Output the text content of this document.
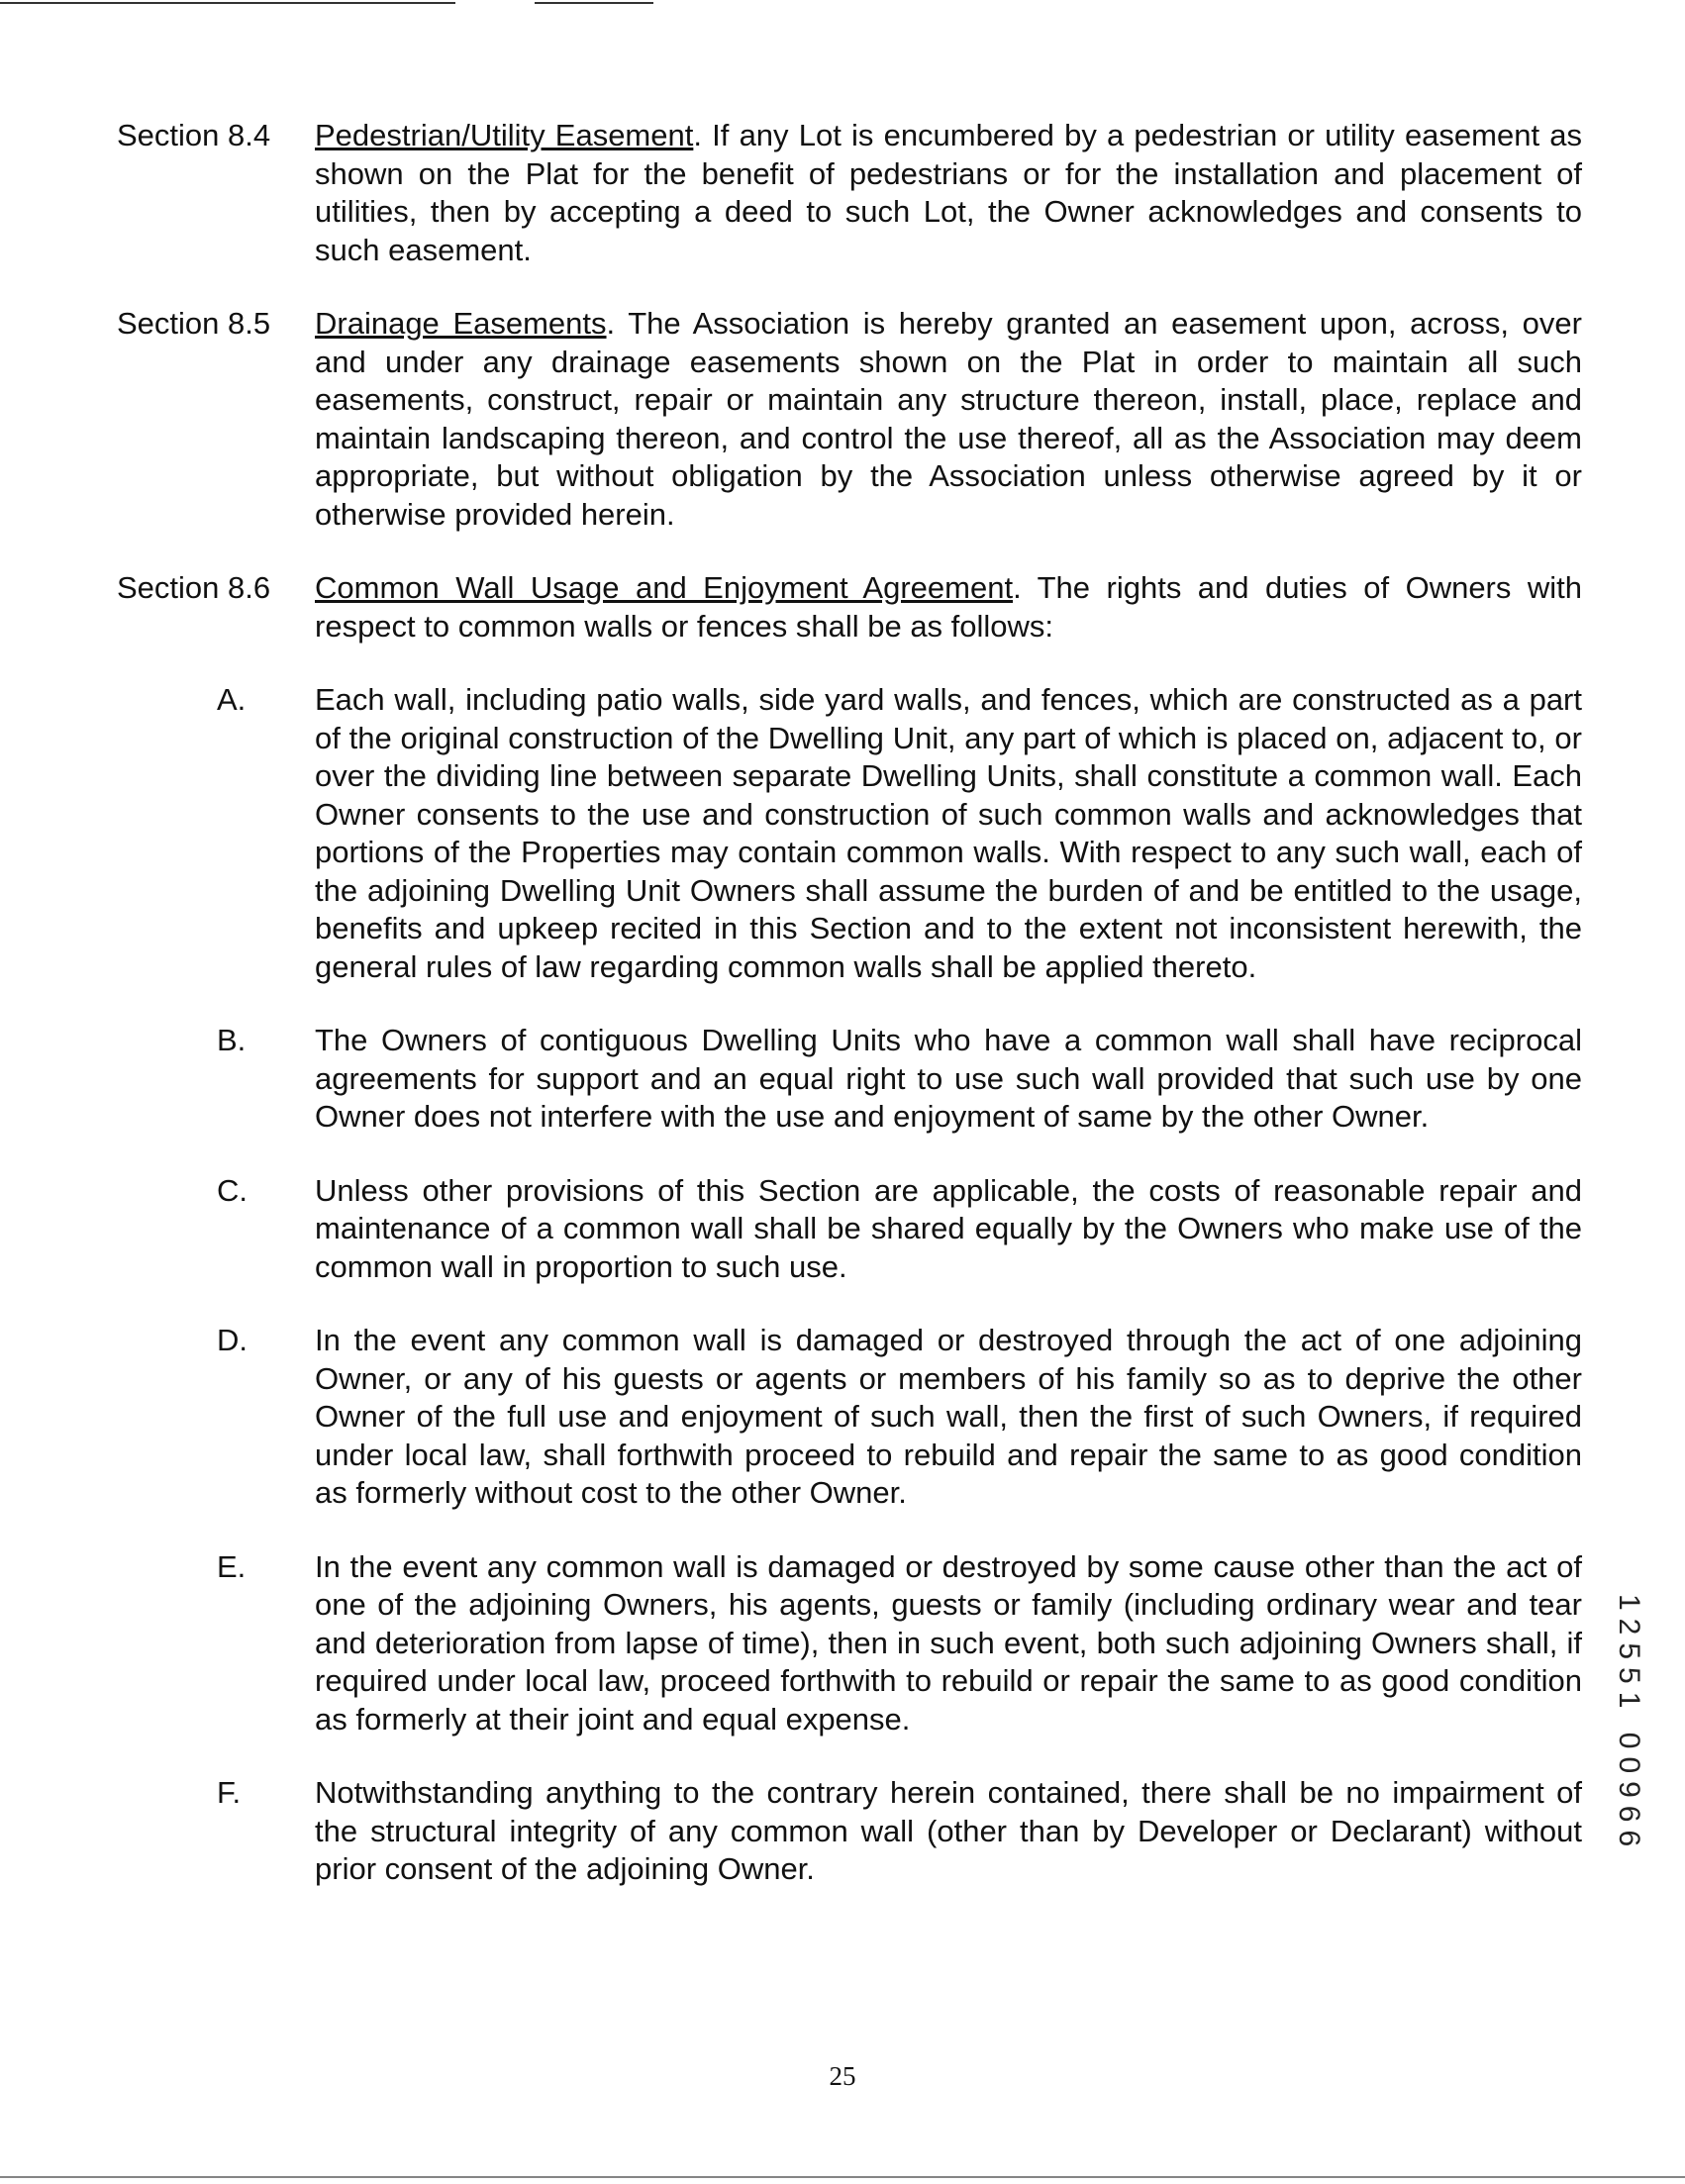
Section 8.4	Pedestrian/Utility Easement. If any Lot is encumbered by a pedestrian or utility easement as shown on the Plat for the benefit of pedestrians or for the installation and placement of utilities, then by accepting a deed to such Lot, the Owner acknowledges and consents to such easement.
Section 8.5	Drainage Easements. The Association is hereby granted an easement upon, across, over and under any drainage easements shown on the Plat in order to maintain all such easements, construct, repair or maintain any structure thereon, install, place, replace and maintain landscaping thereon, and control the use thereof, all as the Association may deem appropriate, but without obligation by the Association unless otherwise agreed by it or otherwise provided herein.
Section 8.6	Common Wall Usage and Enjoyment Agreement. The rights and duties of Owners with respect to common walls or fences shall be as follows:
A.	Each wall, including patio walls, side yard walls, and fences, which are constructed as a part of the original construction of the Dwelling Unit, any part of which is placed on, adjacent to, or over the dividing line between separate Dwelling Units, shall constitute a common wall. Each Owner consents to the use and construction of such common walls and acknowledges that portions of the Properties may contain common walls. With respect to any such wall, each of the adjoining Dwelling Unit Owners shall assume the burden of and be entitled to the usage, benefits and upkeep recited in this Section and to the extent not inconsistent herewith, the general rules of law regarding common walls shall be applied thereto.
B.	The Owners of contiguous Dwelling Units who have a common wall shall have reciprocal agreements for support and an equal right to use such wall provided that such use by one Owner does not interfere with the use and enjoyment of same by the other Owner.
C.	Unless other provisions of this Section are applicable, the costs of reasonable repair and maintenance of a common wall shall be shared equally by the Owners who make use of the common wall in proportion to such use.
D.	In the event any common wall is damaged or destroyed through the act of one adjoining Owner, or any of his guests or agents or members of his family so as to deprive the other Owner of the full use and enjoyment of such wall, then the first of such Owners, if required under local law, shall forthwith proceed to rebuild and repair the same to as good condition as formerly without cost to the other Owner.
E.	In the event any common wall is damaged or destroyed by some cause other than the act of one of the adjoining Owners, his agents, guests or family (including ordinary wear and tear and deterioration from lapse of time), then in such event, both such adjoining Owners shall, if required under local law, proceed forthwith to rebuild or repair the same to as good condition as formerly at their joint and equal expense.
F.	Notwithstanding anything to the contrary herein contained, there shall be no impairment of the structural integrity of any common wall (other than by Developer or Declarant) without prior consent of the adjoining Owner.
12551 00966
25
